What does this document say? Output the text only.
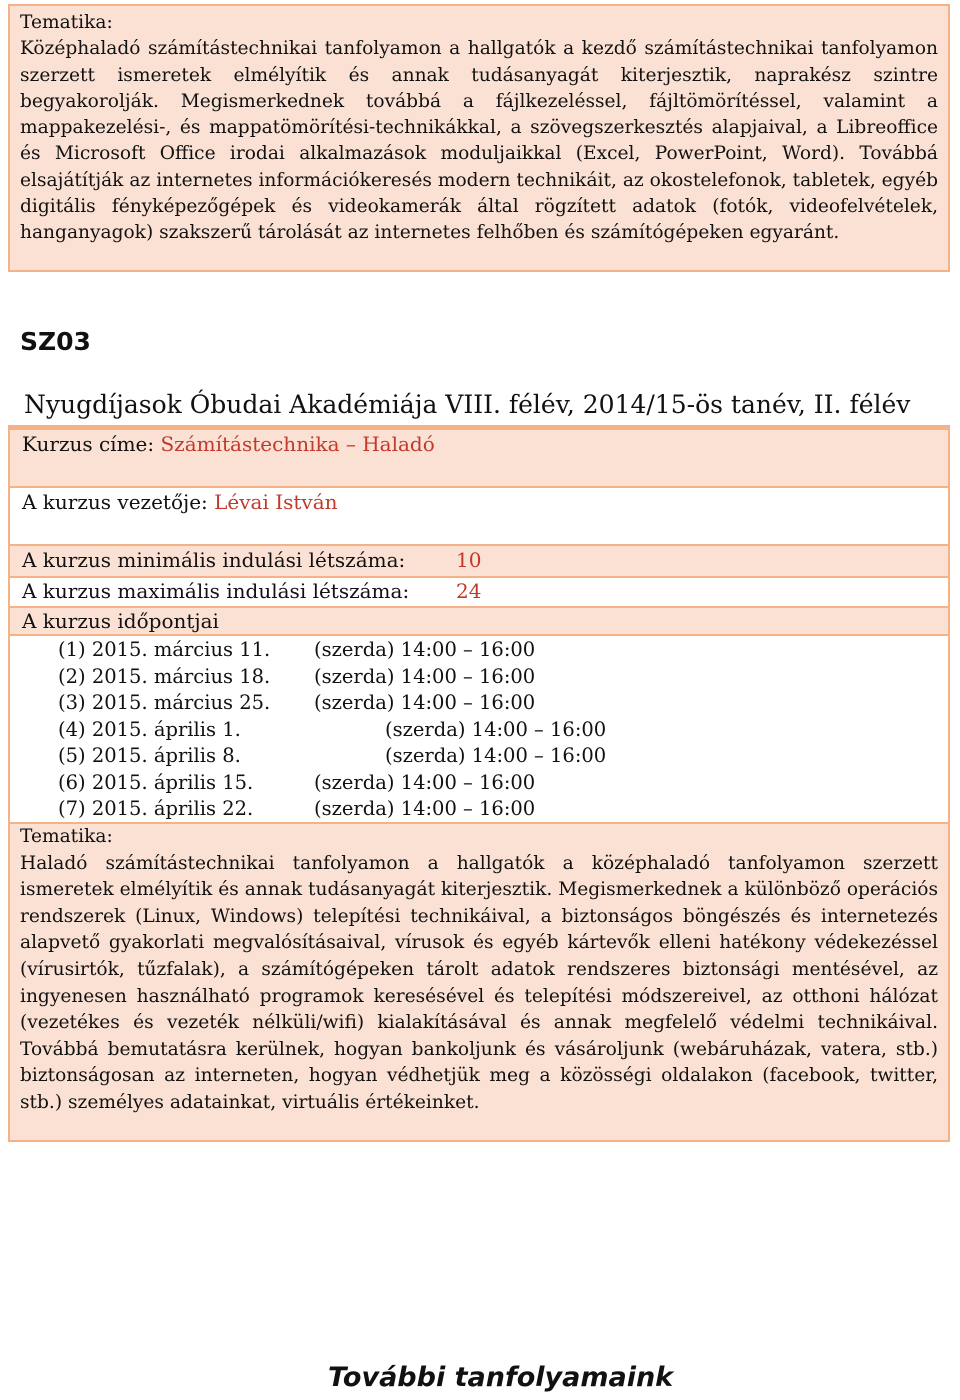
Tematika:
Középhaladó számítástechnikai tanfolyamon a hallgatók a kezdő számítástechnikai tanfolyamon szerzett ismeretek elmélyítik és annak tudásanyagát kiterjesztik, naprakész szintre begyakorolják. Megismerkednek továbbá a fájlkezeléssel, fájltömörítéssel, valamint a mappakezelési-, és mappatömörítési-technikákkal, a szövegszerkesztés alapjaival, a Libreoffice és Microsoft Office irodai alkalmazások moduljaikkal (Excel, PowerPoint, Word). Továbbá elsajátítják az internetes információkeresés modern technikáit, az okostelefonok, tabletek, egyéb digitális fényképezőgépek és videokamerák által rögzített adatok (fotók, videofelvételek, hanganyagok) szakszerű tárolását az internetes felhőben és számítógépeken egyaránt.
SZ03
Nyugdíjasok Óbudai Akadémiája VIII. félév, 2014/15-ös tanév, II. félév
Kurzus címe: Számítástechnika – Haladó
A kurzus vezetője: Lévai István
A kurzus minimális indulási létszáma:	10
A kurzus maximális indulási létszáma: 24
A kurzus időpontjai
(1) 2015. március 11. (szerda) 14:00 – 16:00
(2) 2015. március 18. (szerda) 14:00 – 16:00
(3) 2015. március 25. (szerda) 14:00 – 16:00
(4) 2015. április 1.	(szerda) 14:00 – 16:00
(5) 2015. április 8.	(szerda) 14:00 – 16:00
(6) 2015. április 15.	(szerda) 14:00 – 16:00
(7) 2015. április 22.	(szerda) 14:00 – 16:00
Tematika:
Haladó számítástechnikai tanfolyamon a hallgatók a középhaladó tanfolyamon szerzett ismeretek elmélyítik és annak tudásanyagát kiterjesztik. Megismerkednek a különböző operációs rendszerek (Linux, Windows) telepítési technikáival, a biztonságos böngészés és internetezés alapvető gyakorlati megvalósításaival, vírusok és egyéb kártevők elleni hatékony védekezéssel (vírusirtók, tűzfalak), a számítógépeken tárolt adatok rendszeres biztonsági mentésével, az ingyenesen használható programok keresésével és telepítési módszereivel, az otthoni hálózat (vezetékes és vezeték nélküli/wifi) kialakításával és annak megfelelő védelmi technikáival. Továbbá bemutatásra kerülnek, hogyan bankoljunk és vásároljunk (webáruházak, vatera, stb.) biztonságosan az interneten, hogyan védhetjük meg a közösségi oldalakon (facebook, twitter, stb.) személyes adatainkat, virtuális értékeinket.
További tanfolyamaink
